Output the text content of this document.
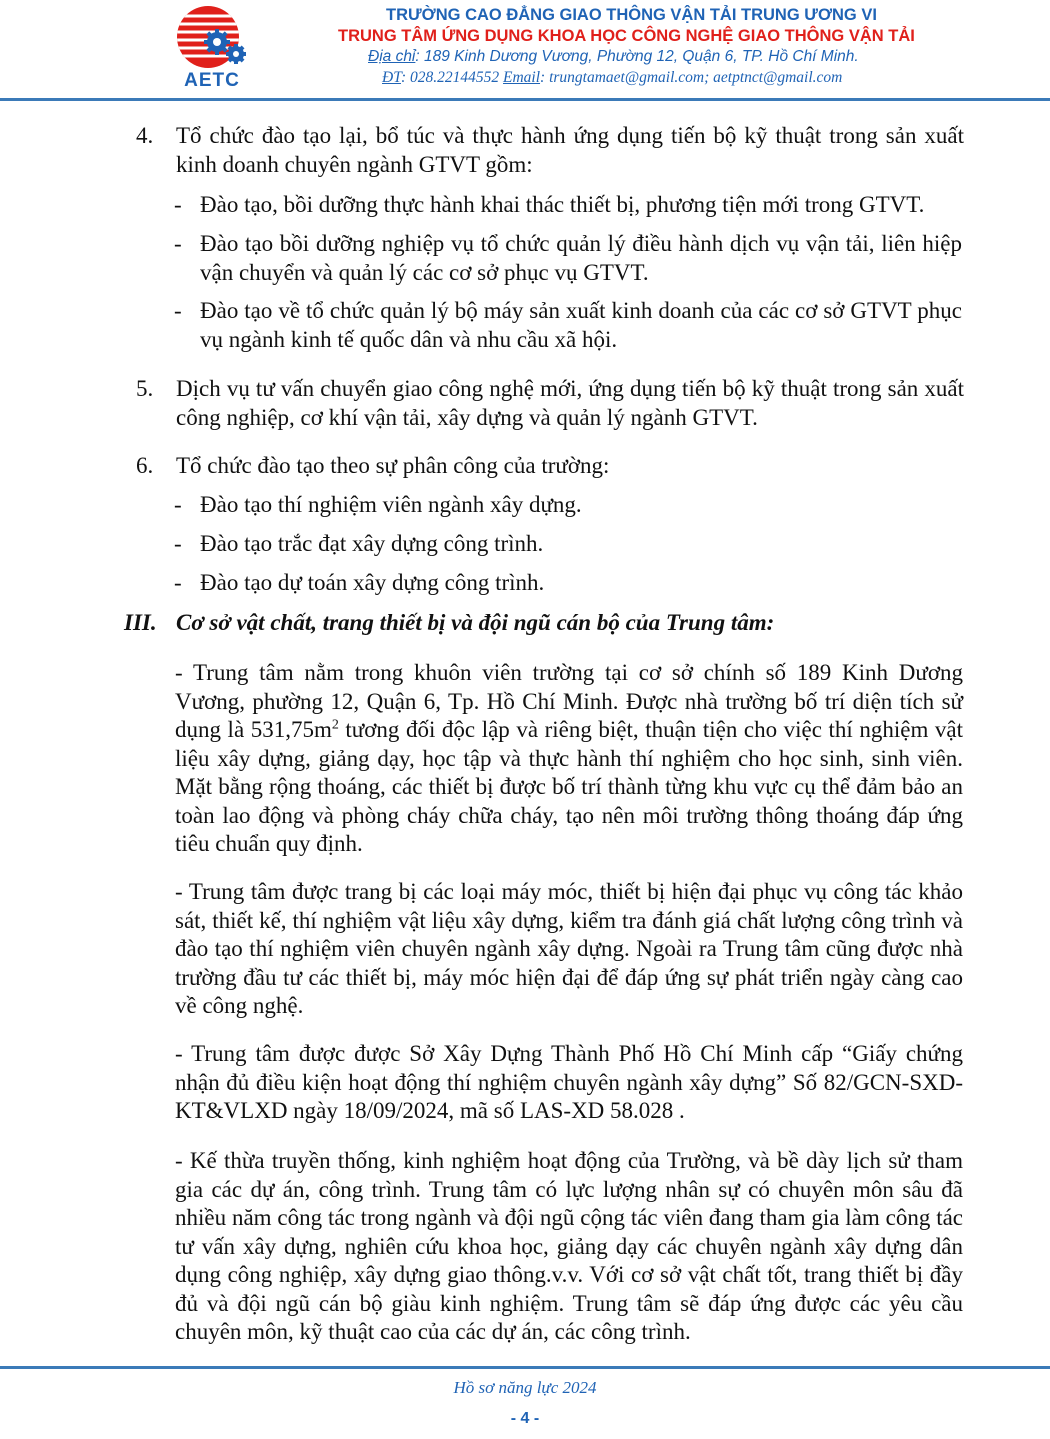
AETC
TRƯỜNG CAO ĐẲNG GIAO THÔNG VẬN TẢI TRUNG ƯƠNG VI
TRUNG TÂM ỨNG DỤNG KHOA HỌC CÔNG NGHỆ GIAO THÔNG VẬN TẢI
Địa chỉ: 189 Kinh Dương Vương, Phường 12, Quận 6, TP. Hồ Chí Minh.
ĐT: 028.22144552 Email: trungtamaet@gmail.com; aetptnct@gmail.com
4. Tổ chức đào tạo lại, bổ túc và thực hành ứng dụng tiến bộ kỹ thuật trong sản xuất kinh doanh chuyên ngành GTVT gồm:
- Đào tạo, bồi dưỡng thực hành khai thác thiết bị, phương tiện mới trong GTVT.
- Đào tạo bồi dưỡng nghiệp vụ tổ chức quản lý điều hành dịch vụ vận tải, liên hiệp vận chuyển và quản lý các cơ sở phục vụ GTVT.
- Đào tạo về tổ chức quản lý bộ máy sản xuất kinh doanh của các cơ sở GTVT phục vụ ngành kinh tế quốc dân và nhu cầu xã hội.
5. Dịch vụ tư vấn chuyển giao công nghệ mới, ứng dụng tiến bộ kỹ thuật trong sản xuất công nghiệp, cơ khí vận tải, xây dựng và quản lý ngành GTVT.
6. Tổ chức đào tạo theo sự phân công của trường:
- Đào tạo thí nghiệm viên ngành xây dựng.
- Đào tạo trắc đạt xây dựng công trình.
- Đào tạo dự toán xây dựng công trình.
III. Cơ sở vật chất, trang thiết bị và đội ngũ cán bộ của Trung tâm:
- Trung tâm nằm trong khuôn viên trường tại cơ sở chính số 189 Kinh Dương Vương, phường 12, Quận 6, Tp. Hồ Chí Minh. Được nhà trường bố trí diện tích sử dụng là $531,75m^2$ tương đối độc lập và riêng biệt, thuận tiện cho việc thí nghiệm vật liệu xây dựng, giảng dạy, học tập và thực hành thí nghiệm cho học sinh, sinh viên. Mặt bằng rộng thoáng, các thiết bị được bố trí thành từng khu vực cụ thể đảm bảo an toàn lao động và phòng cháy chữa cháy, tạo nên môi trường thông thoáng đáp ứng tiêu chuẩn quy định.
- Trung tâm được trang bị các loại máy móc, thiết bị hiện đại phục vụ công tác khảo sát, thiết kế, thí nghiệm vật liệu xây dựng, kiểm tra đánh giá chất lượng công trình và đào tạo thí nghiệm viên chuyên ngành xây dựng. Ngoài ra Trung tâm cũng được nhà trường đầu tư các thiết bị, máy móc hiện đại để đáp ứng sự phát triển ngày càng cao về công nghệ.
- Trung tâm được được Sở Xây Dựng Thành Phố Hồ Chí Minh cấp “Giấy chứng nhận đủ điều kiện hoạt động thí nghiệm chuyên ngành xây dựng” Số 82/GCN-SXD-KT&VLXD ngày 18/09/2024, mã số LAS-XD 58.028 .
- Kế thừa truyền thống, kinh nghiệm hoạt động của Trường, và bề dày lịch sử tham gia các dự án, công trình. Trung tâm có lực lượng nhân sự có chuyên môn sâu đã nhiều năm công tác trong ngành và đội ngũ cộng tác viên đang tham gia làm công tác tư vấn xây dựng, nghiên cứu khoa học, giảng dạy các chuyên ngành xây dựng dân dụng công nghiệp, xây dựng giao thông.v.v. Với cơ sở vật chất tốt, trang thiết bị đầy đủ và đội ngũ cán bộ giàu kinh nghiệm. Trung tâm sẽ đáp ứng được các yêu cầu chuyên môn, kỹ thuật cao của các dự án, các công trình.
Hồ sơ năng lực 2024
- 4 -
